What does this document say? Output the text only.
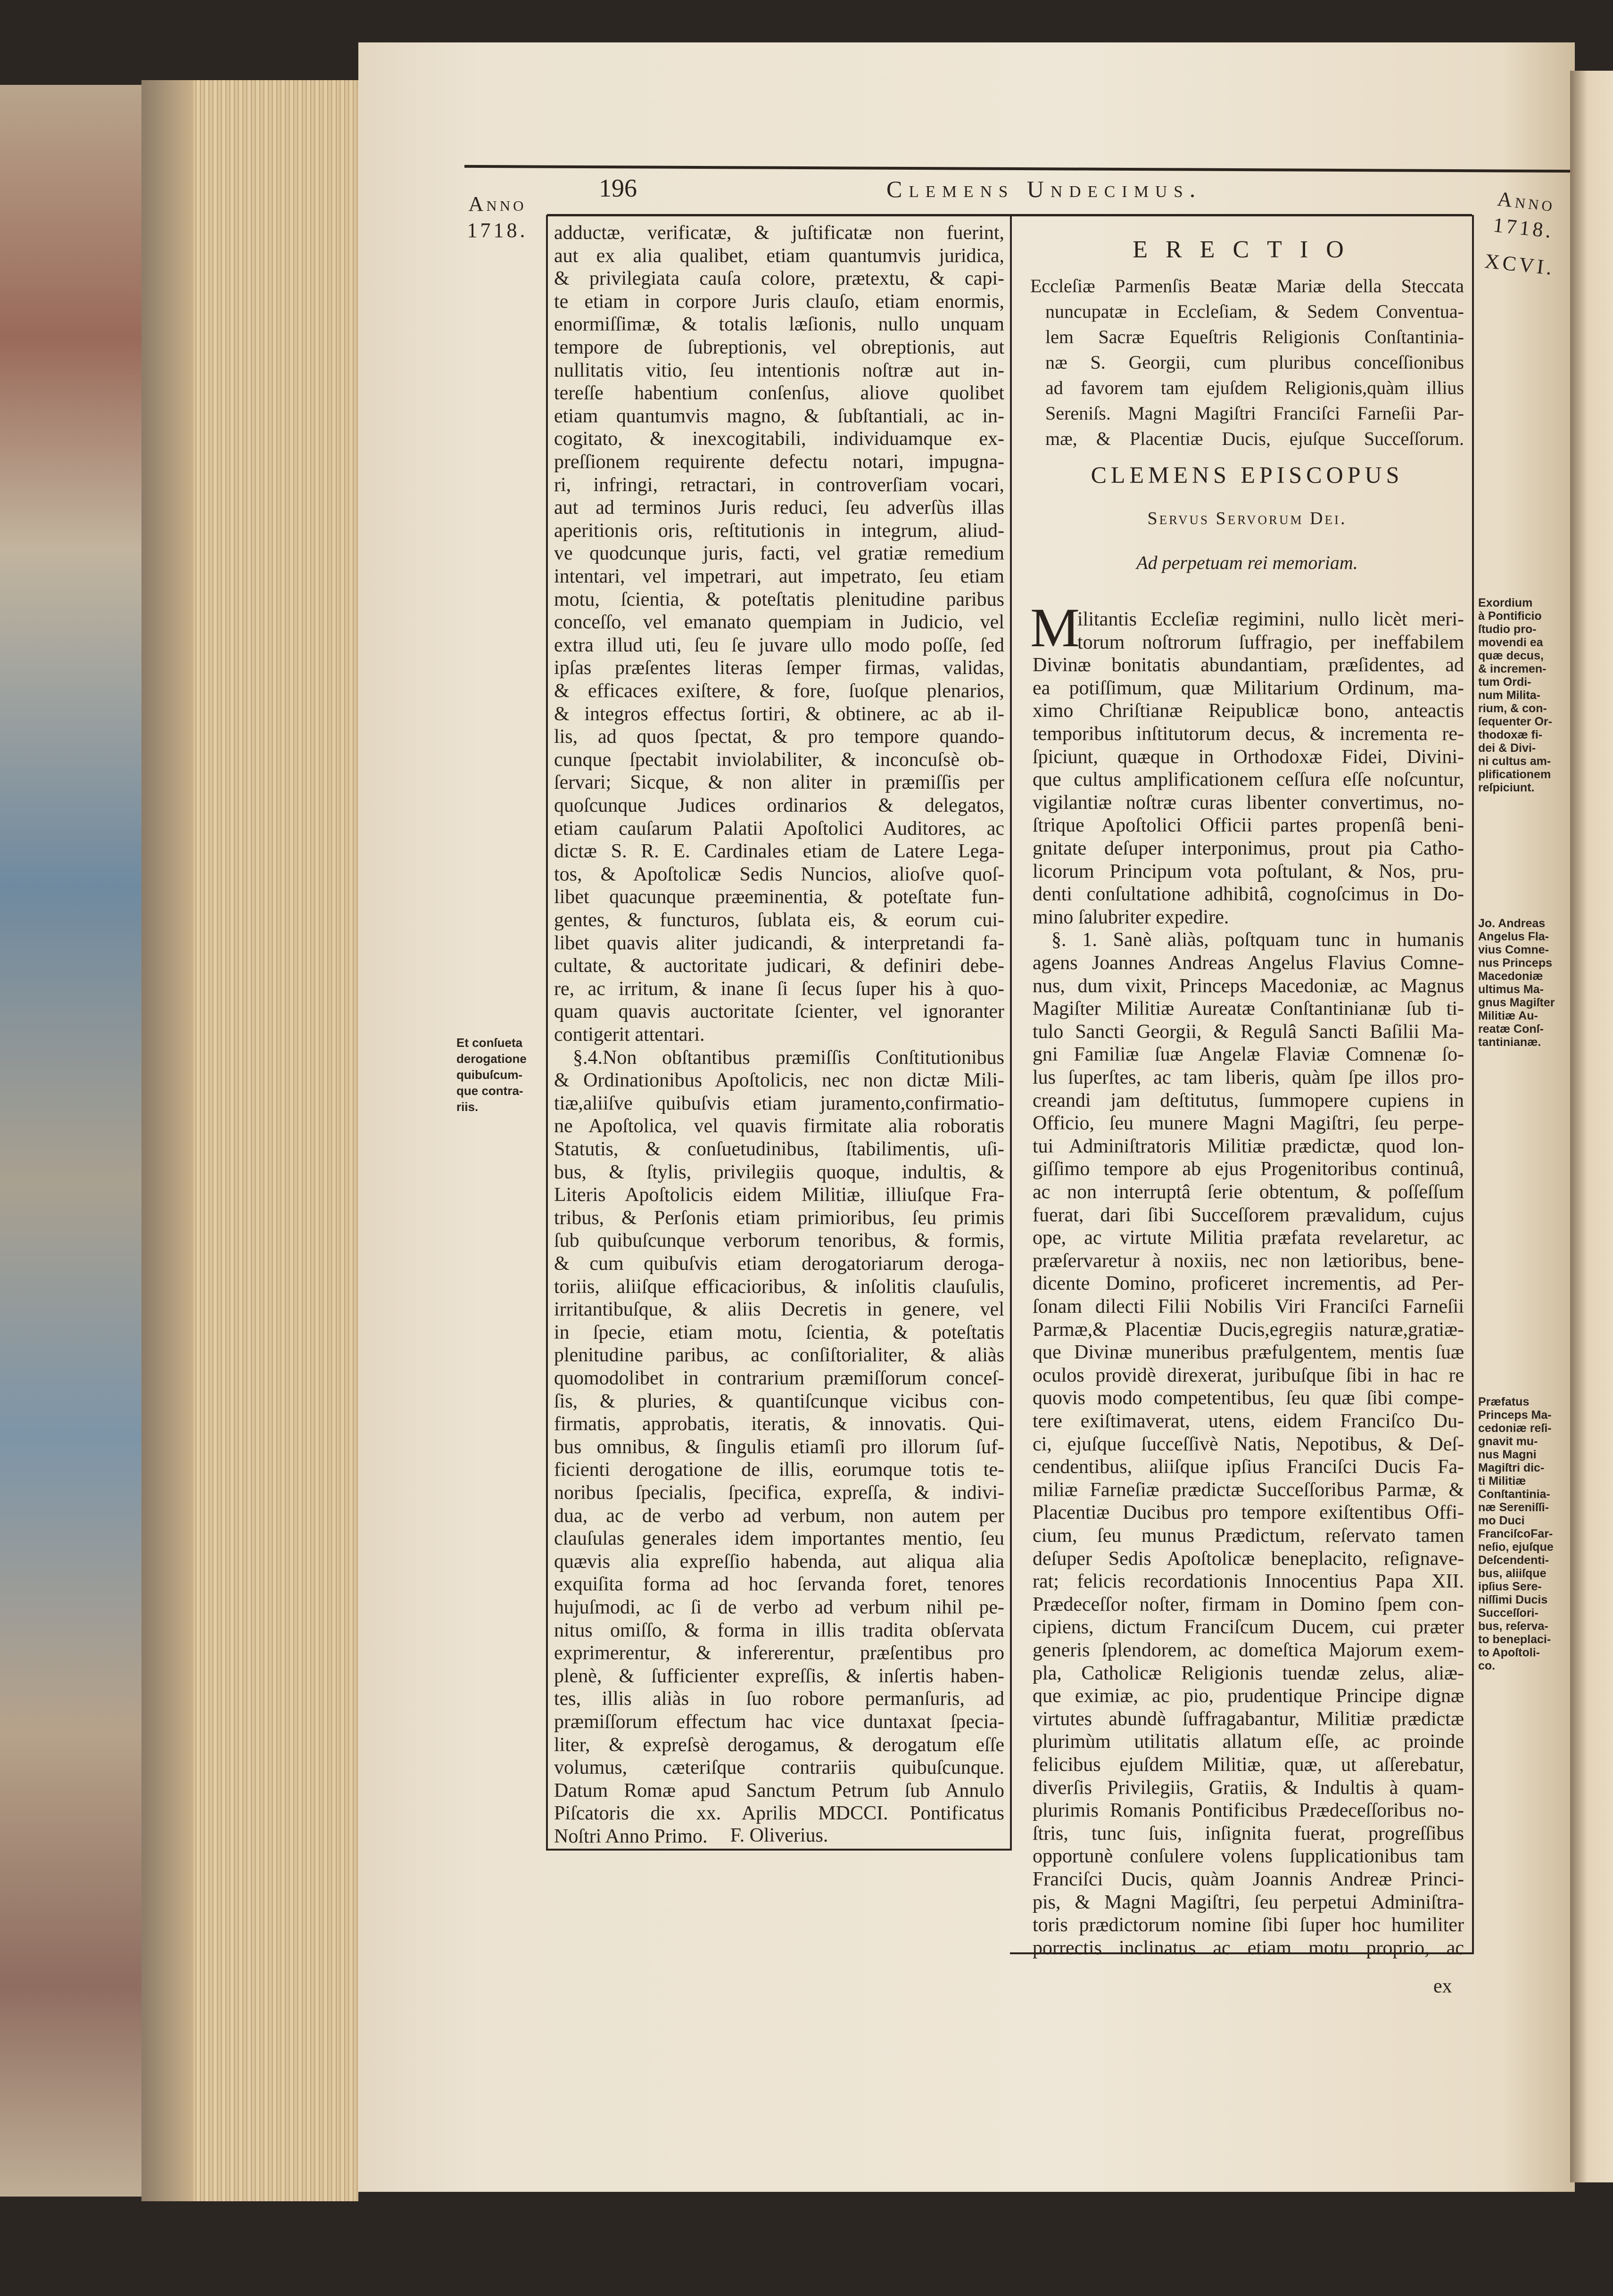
196	Clemens Undecimus.
Anno
1718.
Anno
1718.
XCVI.
adductæ, verificatæ, & juſtificatæ non fuerint,
aut ex alia qualibet, etiam quantumvis juridica,
& privilegiata cauſa colore, prætextu, & capi-
te etiam in corpore Juris clauſo, etiam enormis,
enormiſſimæ, & totalis læſionis, nullo unquam
tempore de ſubreptionis, vel obreptionis, aut
nullitatis vitio, ſeu intentionis noſtræ aut in-
tereſſe habentium conſenſus, aliove quolibet
etiam quantumvis magno, & ſubſtantiali, ac in-
cogitato, & inexcogitabili, individuamque ex-
preſſionem requirente defectu notari, impugna-
ri, infringi, retractari, in controverſiam vocari,
aut ad terminos Juris reduci, ſeu adverſùs illas
aperitionis oris, reſtitutionis in integrum, aliud-
ve quodcunque juris, facti, vel gratiæ remedium
intentari, vel impetrari, aut impetrato, ſeu etiam
motu, ſcientia, & poteſtatis plenitudine paribus
conceſſo, vel emanato quempiam in Judicio, vel
extra illud uti, ſeu ſe juvare ullo modo poſſe, ſed
ipſas præſentes literas ſemper firmas, validas,
& efficaces exiſtere, & fore, ſuoſque plenarios,
& integros effectus ſortiri, & obtinere, ac ab il-
lis, ad quos ſpectat, & pro tempore quando-
cunque ſpectabit inviolabiliter, & inconcuſsè ob-
ſervari; Sicque, & non aliter in præmiſſis per
quoſcunque Judices ordinarios & delegatos,
etiam cauſarum Palatii Apoſtolici Auditores, ac
dictæ S. R. E. Cardinales etiam de Latere Lega-
tos, & Apoſtolicæ Sedis Nuncios, alioſve quoſ-
libet quacunque præeminentia, & poteſtate fun-
gentes, & functuros, ſublata eis, & eorum cui-
libet quavis aliter judicandi, & interpretandi fa-
cultate, & auctoritate judicari, & definiri debe-
re, ac irritum, & inane ſi ſecus ſuper his à quo-
quam quavis auctoritate ſcienter, vel ignoranter
contigerit attentari.
§.4.Non obſtantibus præmiſſis Conſtitutionibus
& Ordinationibus Apoſtolicis, nec non dictæ Mili-
tiæ,aliiſve quibuſvis etiam juramento,confirmatio-
ne Apoſtolica, vel quavis firmitate alia roboratis
Statutis, & conſuetudinibus, ſtabilimentis, uſi-
bus, & ſtylis, privilegiis quoque, indultis, &
Literis Apoſtolicis eidem Militiæ, illiuſque Fra-
tribus, & Perſonis etiam primioribus, ſeu primis
ſub quibuſcunque verborum tenoribus, & formis,
& cum quibuſvis etiam derogatoriarum deroga-
toriis, aliiſque efficacioribus, & inſolitis clauſulis,
irritantibuſque, & aliis Decretis in genere, vel
in ſpecie, etiam motu, ſcientia, & poteſtatis
plenitudine paribus, ac conſiſtorialiter, & aliàs
quomodolibet in contrarium præmiſſorum conceſ-
ſis, & pluries, & quantiſcunque vicibus con-
firmatis, approbatis, iteratis, & innovatis. Qui-
bus omnibus, & ſingulis etiamſi pro illorum ſuf-
ficienti derogatione de illis, eorumque totis te-
noribus ſpecialis, ſpecifica, expreſſa, & indivi-
dua, ac de verbo ad verbum, non autem per
clauſulas generales idem importantes mentio, ſeu
quævis alia expreſſio habenda, aut aliqua alia
exquiſita forma ad hoc ſervanda foret, tenores
hujuſmodi, ac ſi de verbo ad verbum nihil pe-
nitus omiſſo, & forma in illis tradita obſervata
exprimerentur, & infererentur, præſentibus pro
plenè, & ſufficienter expreſſis, & inſertis haben-
tes, illis aliàs in ſuo robore permanſuris, ad
præmiſſorum effectum hac vice duntaxat ſpecia-
liter, & expreſsè derogamus, & derogatum eſſe
volumus, cæteriſque contrariis quibuſcunque.
Datum Romæ apud Sanctum Petrum ſub Annulo
Piſcatoris die xx. Aprilis MDCCI. Pontificatus
Noſtri Anno Primo.	F. Oliverius.
Et conſueta
derogatione
quibuſcum-
que contra-
riis.
ERECTIO
Eccleſiæ Parmenſis Beatæ Mariæ della Steccata
nuncupatæ in Eccleſiam, & Sedem Conventua-
lem Sacræ Equeſtris Religionis Conſtantinia-
næ S. Georgii, cum pluribus conceſſionibus
ad favorem tam ejuſdem Religionis,quàm illius
Sereniſs. Magni Magiſtri Franciſci Farneſii Par-
mæ, & Placentiæ Ducis, ejuſque Succeſſorum.
CLEMENS EPISCOPUS
Servus Servorum Dei.
Ad perpetuam rei memoriam.
M
ilitantis Eccleſiæ regimini, nullo licèt meri-
torum noſtrorum ſuffragio, per ineffabilem
Divinæ bonitatis abundantiam, præſidentes, ad
ea potiſſimum, quæ Militarium Ordinum, ma-
ximo Chriſtianæ Reipublicæ bono, anteactis
temporibus inſtitutorum decus, & incrementa re-
ſpiciunt, quæque in Orthodoxæ Fidei, Divini-
que cultus amplificationem ceſſura eſſe noſcuntur,
vigilantiæ noſtræ curas libenter convertimus, no-
ſtrique Apoſtolici Officii partes propenſâ beni-
gnitate deſuper interponimus, prout pia Catho-
licorum Principum vota poſtulant, & Nos, pru-
denti conſultatione adhibitâ, cognoſcimus in Do-
mino ſalubriter expedire.
§. 1. Sanè aliàs, poſtquam tunc in humanis
agens Joannes Andreas Angelus Flavius Comne-
nus, dum vixit, Princeps Macedoniæ, ac Magnus
Magiſter Militiæ Aureatæ Conſtantinianæ ſub ti-
tulo Sancti Georgii, & Regulâ Sancti Baſilii Ma-
gni Familiæ ſuæ Angelæ Flaviæ Comnenæ ſo-
lus ſuperſtes, ac tam liberis, quàm ſpe illos pro-
creandi jam deſtitutus, ſummopere cupiens in
Officio, ſeu munere Magni Magiſtri, ſeu perpe-
tui Adminiſtratoris Militiæ prædictæ, quod lon-
giſſimo tempore ab ejus Progenitoribus continuâ,
ac non interruptâ ſerie obtentum, & poſſeſſum
fuerat, dari ſibi Succeſſorem prævalidum, cujus
ope, ac virtute Militia præfata revelaretur, ac
præſervaretur à noxiis, nec non lætioribus, bene-
dicente Domino, proficeret incrementis, ad Per-
ſonam dilecti Filii Nobilis Viri Franciſci Farneſii
Parmæ,& Placentiæ Ducis,egregiis naturæ,gratiæ-
que Divinæ muneribus præfulgentem, mentis ſuæ
oculos providè direxerat, juribuſque ſibi in hac re
quovis modo competentibus, ſeu quæ ſibi compe-
tere exiſtimaverat, utens, eidem Franciſco Du-
ci, ejuſque ſucceſſivè Natis, Nepotibus, & Deſ-
cendentibus, aliiſque ipſius Franciſci Ducis Fa-
miliæ Farneſiæ prædictæ Succeſſoribus Parmæ, &
Placentiæ Ducibus pro tempore exiſtentibus Offi-
cium, ſeu munus Prædictum, reſervato tamen
deſuper Sedis Apoſtolicæ beneplacito, reſignave-
rat; felicis recordationis Innocentius Papa XII.
Prædeceſſor noſter, firmam in Domino ſpem con-
cipiens, dictum Franciſcum Ducem, cui præter
generis ſplendorem, ac domeſtica Majorum exem-
pla, Catholicæ Religionis tuendæ zelus, aliæ-
que eximiæ, ac pio, prudentique Principe dignæ
virtutes abundè ſuffragabantur, Militiæ prædictæ
plurimùm utilitatis allatum eſſe, ac proinde
felicibus ejuſdem Militiæ, quæ, ut aſſerebatur,
diverſis Privilegiis, Gratiis, & Indultis à quam-
plurimis Romanis Pontificibus Prædeceſſoribus no-
ſtris, tunc ſuis, inſignita fuerat, progreſſibus
opportunè conſulere volens ſupplicationibus tam
Franciſci Ducis, quàm Joannis Andreæ Princi-
pis, & Magni Magiſtri, ſeu perpetui Adminiſtra-
toris prædictorum nomine ſibi ſuper hoc humiliter
porrectis inclinatus ac etiam motu proprio, ac
ex
Exordium
à Pontificio
ſtudio pro-
movendi ea
quæ decus,
& incremen-
tum Ordi-
num Milita-
rium, & con-
ſequenter Or-
thodoxæ fi-
dei & Divi-
ni cultus am-
plificationem
reſpiciunt.
Jo. Andreas
Angelus Fla-
vius Comne-
nus Princeps
Macedoniæ
ultimus Ma-
gnus Magiſter
Militiæ Au-
reatæ Conſ-
tantinianæ.
Præfatus
Princeps Ma-
cedoniæ reſi-
gnavit mu-
nus Magni
Magiſtri dic-
ti Militiæ
Conſtantinia-
næ Sereniſſi-
mo Duci
FranciſcoFar-
neſio, ejuſque
Deſcendenti-
bus, aliiſque
ipſius Sere-
niſſimi Ducis
Succeſſori-
bus, reſerva-
to beneplaci-
to Apoſtoli-
co.
